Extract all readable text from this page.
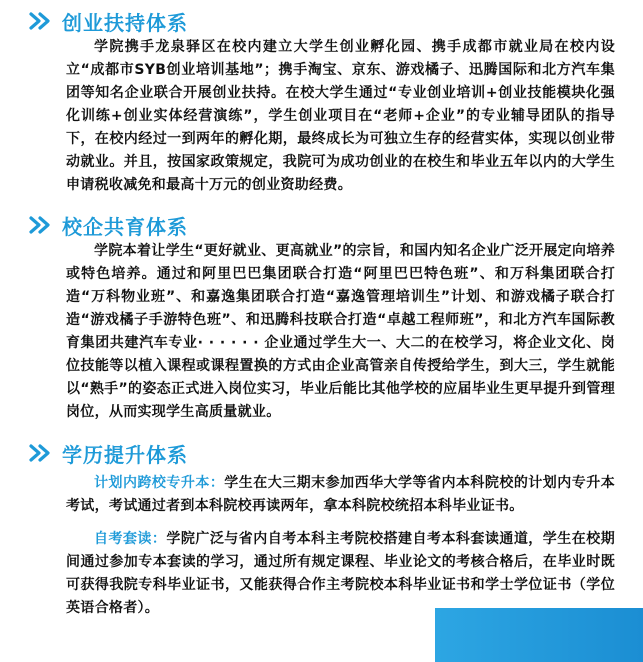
创业扶持体系

学院携手龙泉驿区在校内建立大学生创业孵化园、携手成都市就业局在校内设立“成都市SYB创业培训基地”；携手淘宝、京东、游戏橘子、迅腾国际和北方汽车集团等知名企业联合开展创业扶持。在校大学生通过“专业创业培训+创业技能模块化强化训练+创业实体经营演练”，学生创业项目在“老师+企业”的专业辅导团队的指导下，在校内经过一到两年的孵化期，最终成长为可独立生存的经营实体，实现以创业带动就业。并且，按国家政策规定，我院可为成功创业的在校生和毕业五年以内的大学生申请税收减免和最高十万元的创业资助经费。

校企共育体系

学院本着让学生“更好就业、更高就业”的宗旨，和国内知名企业广泛开展定向培养或特色培养。通过和阿里巴巴集团联合打造“阿里巴巴特色班”、和万科集团联合打造“万科物业班”、和嘉逸集团联合打造“嘉逸管理培训生”计划、和游戏橘子联合打造“游戏橘子手游特色班”、和迅腾科技联合打造“卓越工程师班”，和北方汽车国际教育集团共建汽车专业· · · · · · 企业通过学生大一、大二的在校学习，将企业文化、岗位技能等以植入课程或课程置换的方式由企业高管亲自传授给学生，到大三，学生就能以“熟手”的姿态正式进入岗位实习，毕业后能比其他学校的应届毕业生更早提升到管理岗位，从而实现学生高质量就业。

学历提升体系

计划内跨校专升本：学生在大三期末参加西华大学等省内本科院校的计划内专升本考试，考试通过者到本科院校再读两年，拿本科院校统招本科毕业证书。

自考套读：学院广泛与省内自考本科主考院校搭建自考本科套读通道，学生在校期间通过参加专本套读的学习，通过所有规定课程、毕业论文的考核合格后，在毕业时既可获得我院专科毕业证书，又能获得合作主考院校本科毕业证书和学士学位证书（学位英语合格者）。
